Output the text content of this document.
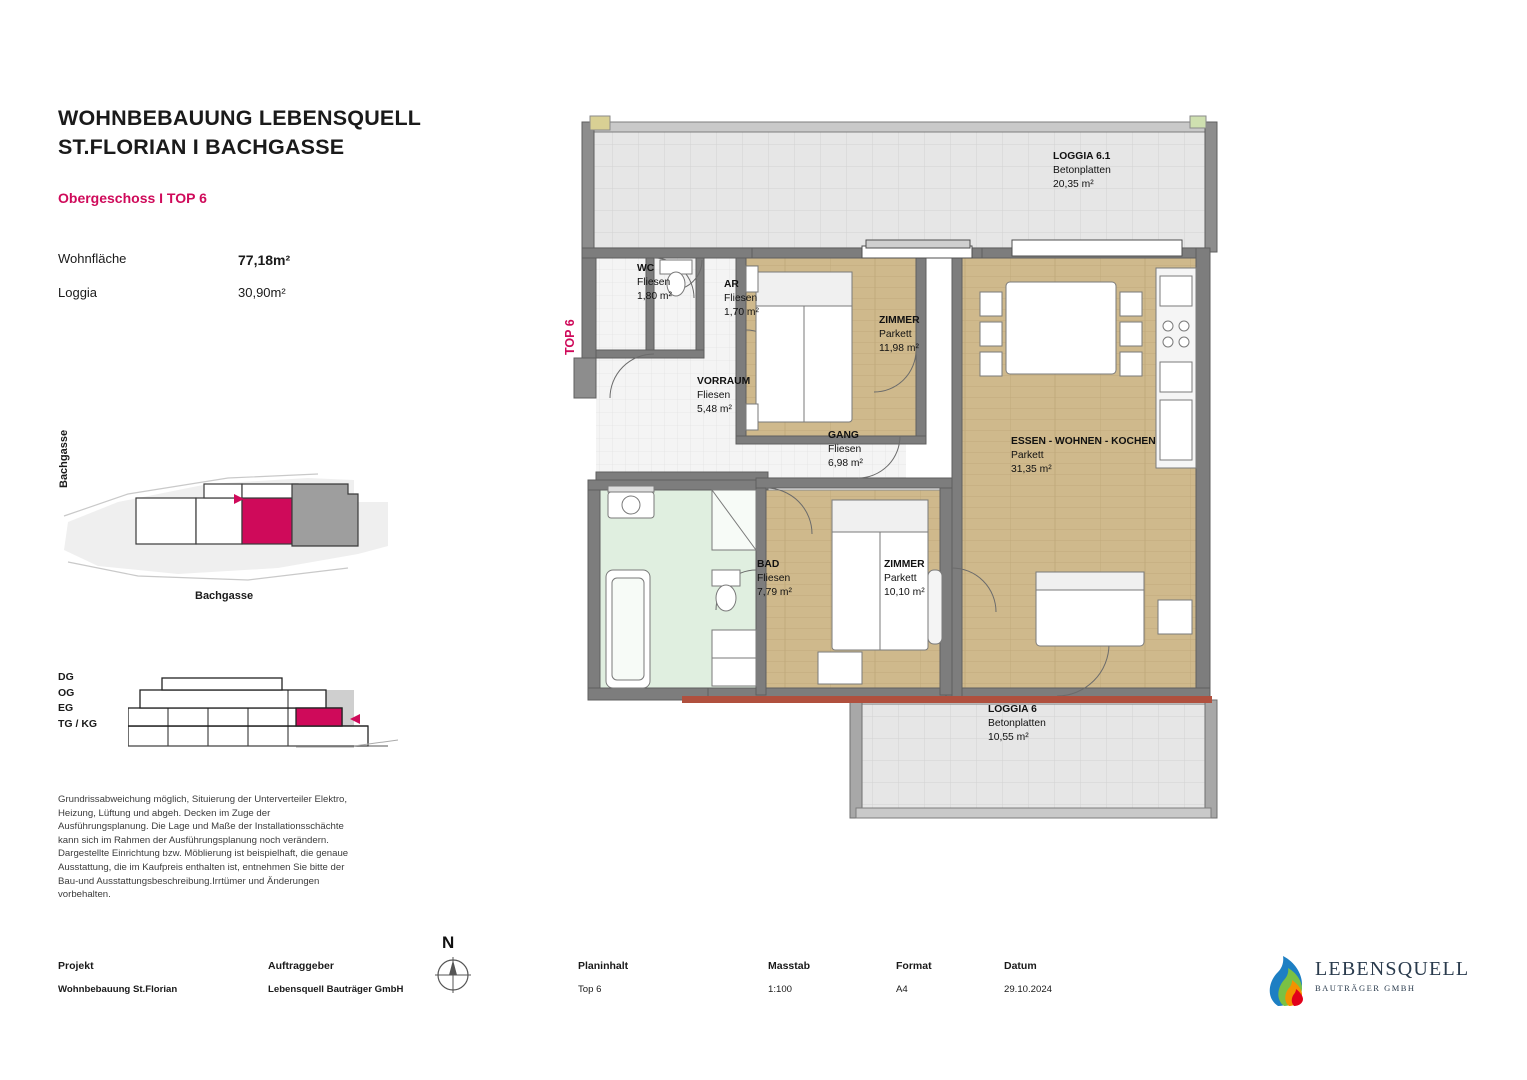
WOHNBEBAUUNG LEBENSQUELL
ST.FLORIAN I BACHGASSE
Obergeschoss I TOP 6
Wohnfläche	77,18m²
Loggia	30,90m²
Bachgasse
Bachgasse
N
DG
OG
EG
TG / KG
Grundrissabweichung möglich, Situierung der Unterverteiler Elektro, Heizung, Lüftung und abgeh. Decken im Zuge der Ausführungsplanung. Die Lage und Maße der Installationsschächte kann sich im Rahmen der Ausführungsplanung noch verändern. Dargestellte Einrichtung bzw. Möblierung ist beispielhaft, die genaue Ausstattung, die im Kaufpreis enthalten ist, entnehmen Sie bitte der Bau-und Ausstattungsbeschreibung.Irrtümer und Änderungen vorbehalten.
TOP 6
LOGGIA 6.1
Betonplatten
20,35 m²
WC
Fliesen
1,80 m²
AR
Fliesen
1,70 m²
VORRAUM
Fliesen
5,48 m²
ZIMMER
Parkett
11,98 m²
ESSEN - WOHNEN - KOCHEN
Parkett
31,35 m²
GANG
Fliesen
6,98 m²
BAD
Fliesen
7,79 m²
ZIMMER
Parkett
10,10 m²
LOGGIA 6
Betonplatten
10,55 m²
Projekt
Wohnbebauung St.Florian
Auftraggeber
Lebensquell Bauträger GmbH
Planinhalt
Top 6
Masstab
1:100
Format
A4
Datum
29.10.2024
LEBENSQUELL
BAUTRÄGER GMBH
